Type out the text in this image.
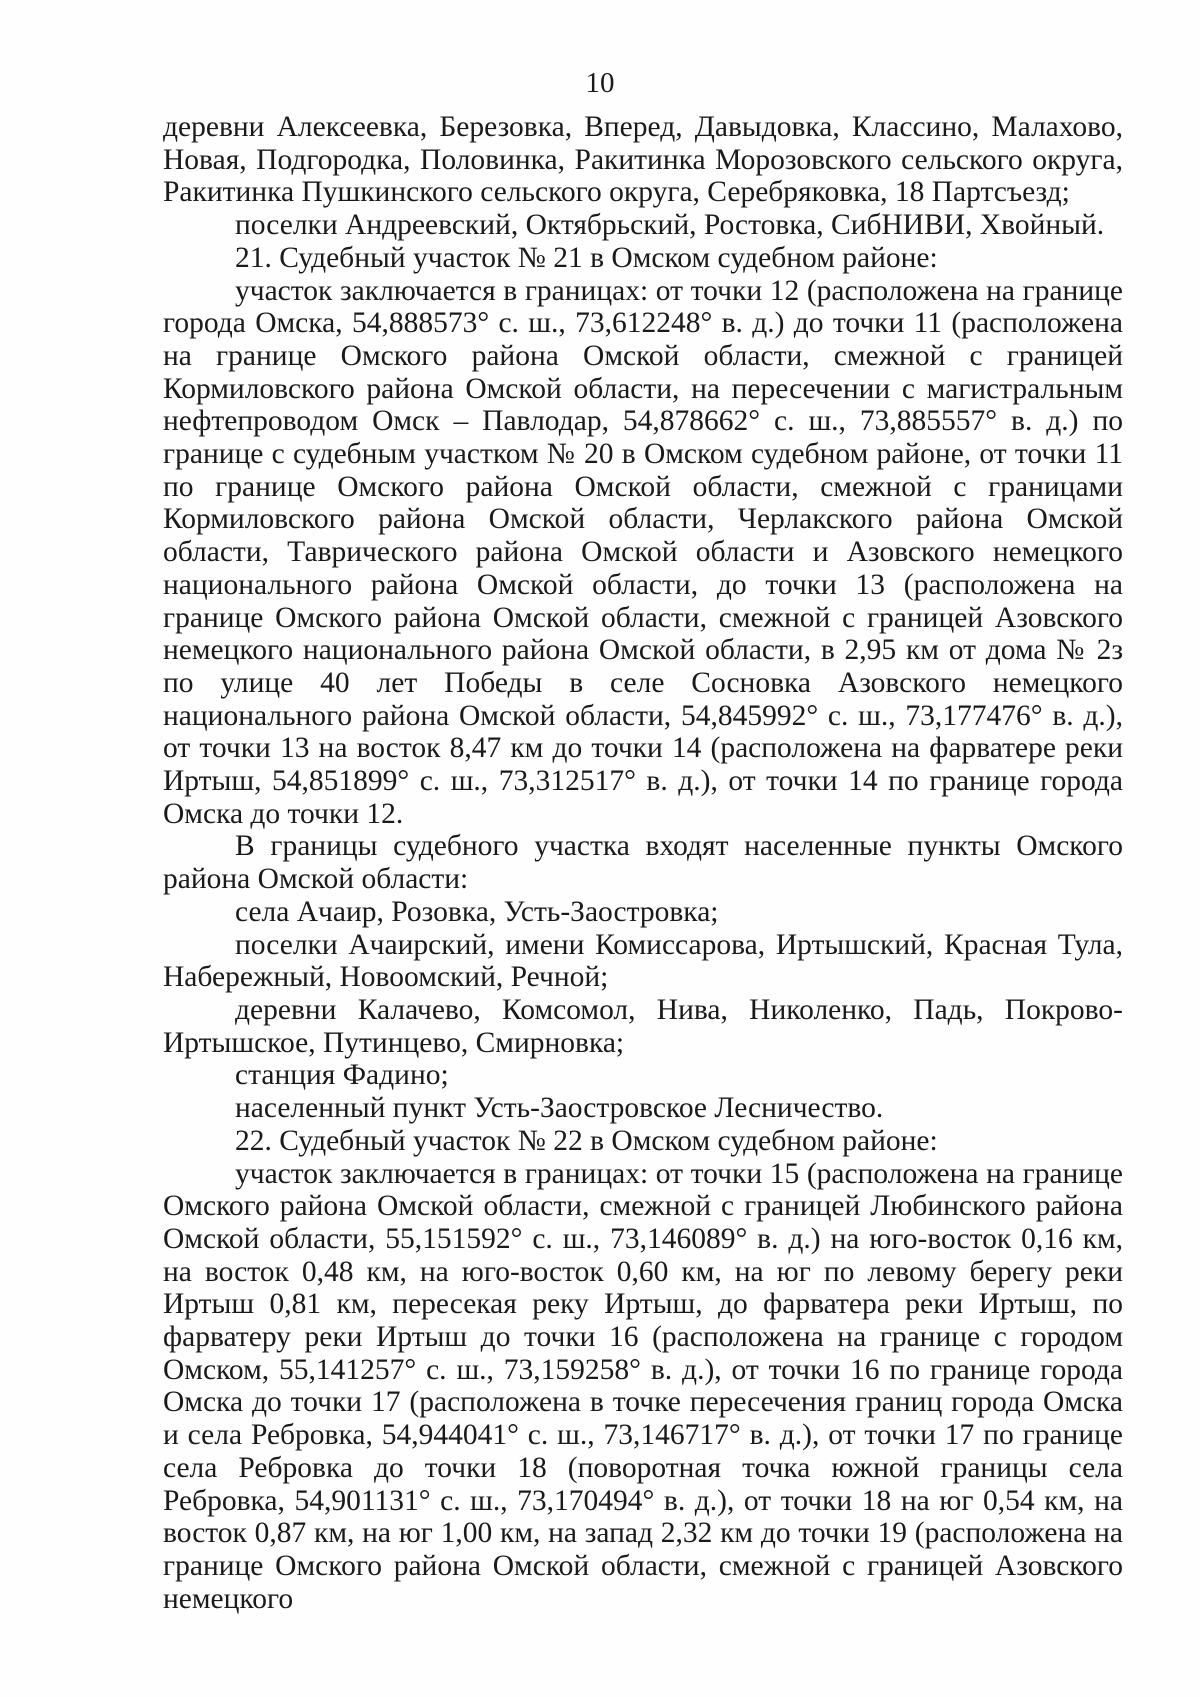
10

деревни Алексеевка, Березовка, Вперед, Давыдовка, Классино, Малахово, Новая, Подгородка, Половинка, Ракитинка Морозовского сельского округа, Ракитинка Пушкинского сельского округа, Серебряковка, 18 Партсъезд;

поселки Андреевский, Октябрьский, Ростовка, СибНИВИ, Хвойный.

21. Судебный участок № 21 в Омском судебном районе:

участок заключается в границах: от точки 12 (расположена на границе города Омска, 54,888573° с. ш., 73,612248° в. д.) до точки 11 (расположена на границе Омского района Омской области, смежной с границей Кормиловского района Омской области, на пересечении с магистральным нефтепроводом Омск – Павлодар, 54,878662° с. ш., 73,885557° в. д.) по границе с судебным участком № 20 в Омском судебном районе, от точки 11 по границе Омского района Омской области, смежной с границами Кормиловского района Омской области, Черлакского района Омской области, Таврического района Омской области и Азовского немецкого национального района Омской области, до точки 13 (расположена на границе Омского района Омской области, смежной с границей Азовского немецкого национального района Омской области, в 2,95 км от дома № 2з по улице 40 лет Победы в селе Сосновка Азовского немецкого национального района Омской области, 54,845992° с. ш., 73,177476° в. д.), от точки 13 на восток 8,47 км до точки 14 (расположена на фарватере реки Иртыш, 54,851899° с. ш., 73,312517° в. д.), от точки 14 по границе города Омска до точки 12.

В границы судебного участка входят населенные пункты Омского района Омской области:

села Ачаир, Розовка, Усть-Заостровка;

поселки Ачаирский, имени Комиссарова, Иртышский, Красная Тула, Набережный, Новоомский, Речной;

деревни Калачево, Комсомол, Нива, Николенко, Падь, Покрово-Иртышское, Путинцево, Смирновка;

станция Фадино;

населенный пункт Усть-Заостровское Лесничество.

22. Судебный участок № 22 в Омском судебном районе:

участок заключается в границах: от точки 15 (расположена на границе Омского района Омской области, смежной с границей Любинского района Омской области, 55,151592° с. ш., 73,146089° в. д.) на юго-восток 0,16 км, на восток 0,48 км, на юго-восток 0,60 км, на юг по левому берегу реки Иртыш 0,81 км, пересекая реку Иртыш, до фарватера реки Иртыш, по фарватеру реки Иртыш до точки 16 (расположена на границе с городом Омском, 55,141257° с. ш., 73,159258° в. д.), от точки 16 по границе города Омска до точки 17 (расположена в точке пересечения границ города Омска и села Ребровка, 54,944041° с. ш., 73,146717° в. д.), от точки 17 по границе села Ребровка до точки 18 (поворотная точка южной границы села Ребровка, 54,901131° с. ш., 73,170494° в. д.), от точки 18 на юг 0,54 км, на восток 0,87 км, на юг 1,00 км, на запад 2,32 км до точки 19 (расположена на границе Омского района Омской области, смежной с границей Азовского немецкого
